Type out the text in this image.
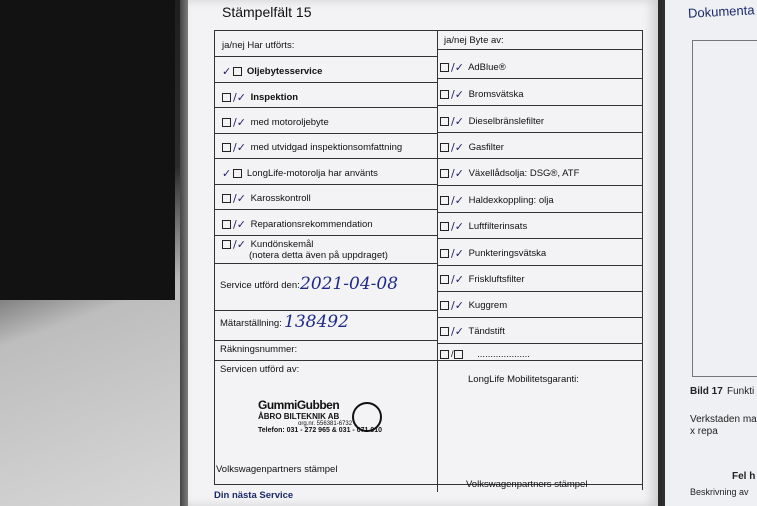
Stämpelfält 15
ja/nej Har utförts:	ja/nej Byte av:
✓ Oljebytesservice
/✓ Inspektion
/✓ med motoroljebyte
/✓ med utvidgad inspektionsomfattning
✓ LongLife-motorolja har använts
/✓ Karosskontroll
/✓ Reparationsrekommendation
/✓ Kundönskemål
(notera detta även på uppdraget)
Service utförd den: 2021-04-08
Mätarställning: 138492
Räkningsnummer:
Servicen utförd av:
GummiGubben
ÅBRO BILTEKNIK AB
org.nr. 556381-6732
Telefon: 031 - 272 965 & 031 - 071 910
Volkswagenpartners stämpel
Din nästa Service
/✓ AdBlue®
/✓ Bromsvätska
/✓ Dieselbränslefilter
/✓ Gasfilter
/✓ Växellådsolja: DSG®, ATF
/✓ Haldexkoppling: olja
/✓ Luftfilterinsats
/✓ Punkteringsvätska
/✓ Friskluftsfilter
/✓ Kuggrem
/✓ Tändstift
/ ....................
LongLife Mobilitetsgaranti:
Volkswagenpartners stämpel
Dokumenta
Bild 17 Funkti
Verkstaden ma
x repa
Fel h
Beskrivning av
